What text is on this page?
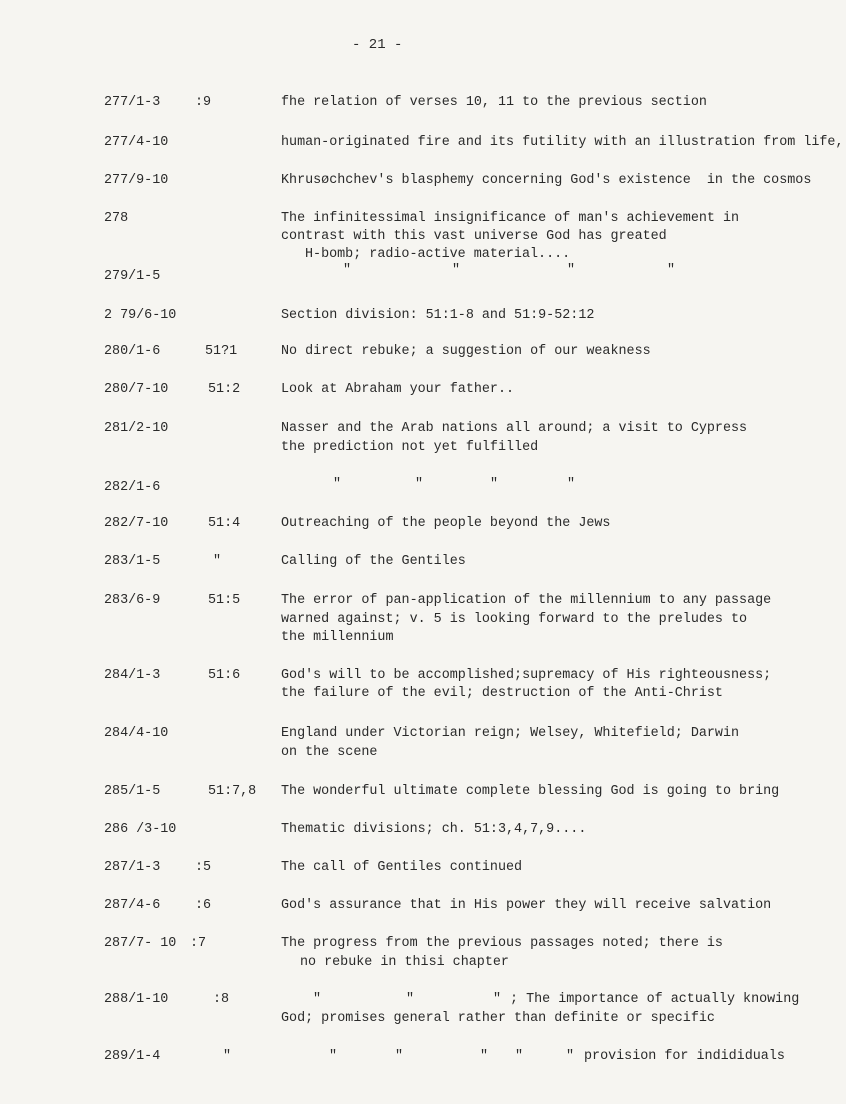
- 21 -
277/1-3	:9	fhe relation of verses 10, 11 to the previous section
277/4-10	human-originated fire and its futility with an illustration from life,
277/9-10	Khrusøchchev's blasphemy concerning God's existence  in the cosmos
278	The infinitessimal insignificance of man's achievement in
contrast with this vast universe God has greated
H-bomb; radio-active material....
279/1-5	"	"	"	"
2 79/6-10	Section division: 51:1-8 and 51:9-52:12
280/1-6	51?1	No direct rebuke; a suggestion of our weakness
280/7-10	51:2	Look at Abraham your father..
281/2-10	Nasser and the Arab nations all around; a visit to Cypress
the prediction not yet fulfilled
282/1-6	"	"	"	"
282/7-10	51:4	Outreaching of the people beyond the Jews
283/1-5	"	Calling of the Gentiles
283/6-9	51:5	The error of pan-application of the millennium to any passage
warned against; v. 5 is looking forward to the preludes to
the millennium
284/1-3	51:6	God's will to be accomplished;supremacy of His righteousness;
the failure of the evil; destruction of the Anti-Christ
284/4-10	England under Victorian reign; Welsey, Whitefield; Darwin
on the scene
285/1-5	51:7,8 The wonderful ultimate complete blessing God is going to bring
286 /3-10	Thematic divisions; ch. 51:3,4,7,9....
287/1-3	:5	The call of Gentiles continued
287/4-6	:6	God's assurance that in His power they will receive salvation
287/7- 10 :7	The progress from the previous passages noted; there is
no rebuke in thisi chapter
288/1-10	:8	"	"	" ; The importance of actually knowing
God; promises general rather than definite or specific
289/1-4	"	"	"	" "	" provision for indididuals
